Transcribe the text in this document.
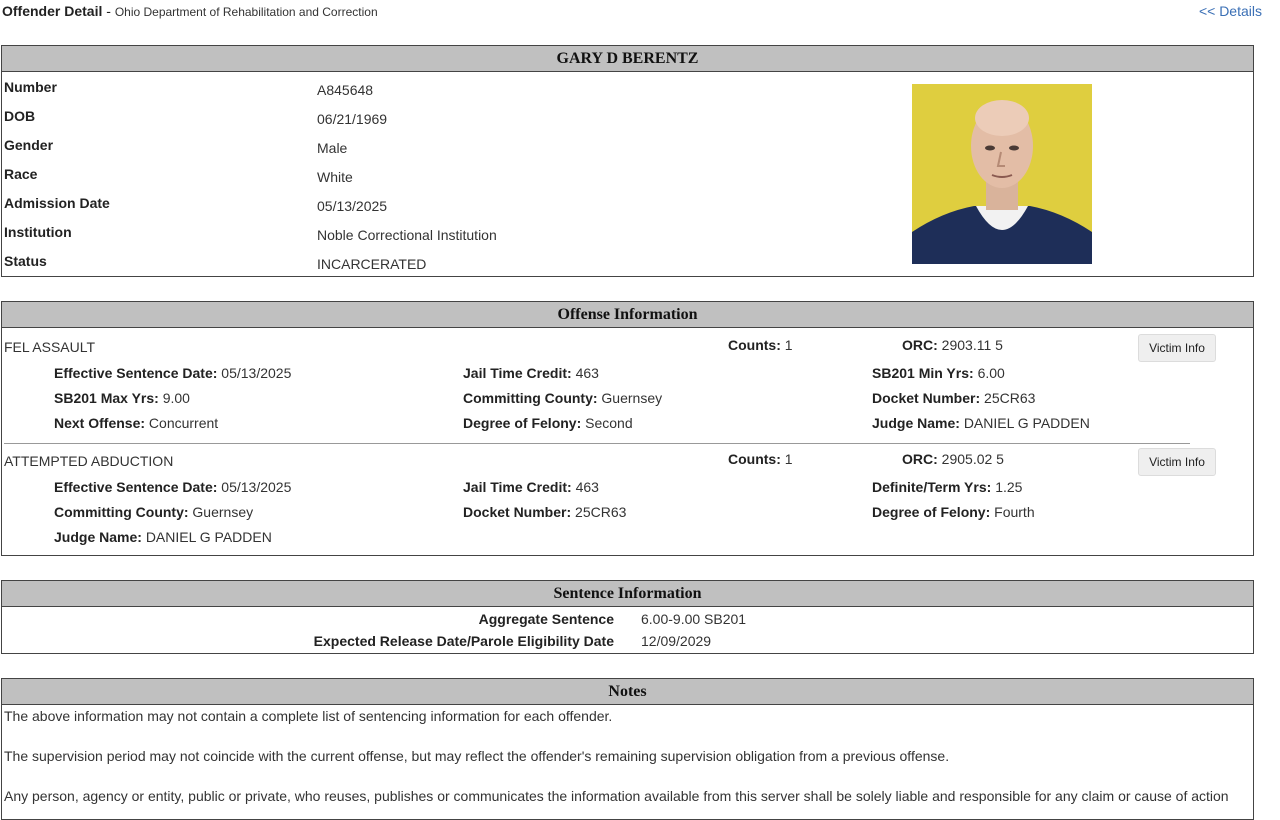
Offender Detail - Ohio Department of Rehabilitation and Correction	<< Details
GARY D BERENTZ
Number	A845648
DOB	06/21/1969
Gender	Male
Race	White
Admission Date	05/13/2025
Institution	Noble Correctional Institution
Status	INCARCERATED
Offense Information
FEL ASSAULT	Counts: 1	ORC: 2903.11 5	Victim Info
Effective Sentence Date: 05/13/2025	Jail Time Credit: 463	SB201 Min Yrs: 6.00
SB201 Max Yrs: 9.00	Committing County: Guernsey	Docket Number: 25CR63
Next Offense: Concurrent	Degree of Felony: Second	Judge Name: DANIEL G PADDEN
ATTEMPTED ABDUCTION	Counts: 1	ORC: 2905.02 5	Victim Info
Effective Sentence Date: 05/13/2025	Jail Time Credit: 463	Definite/Term Yrs: 1.25
Committing County: Guernsey	Docket Number: 25CR63	Degree of Felony: Fourth
Judge Name: DANIEL G PADDEN
Sentence Information
Aggregate Sentence 6.00-9.00 SB201
Expected Release Date/Parole Eligibility Date 12/09/2029
Notes
The above information may not contain a complete list of sentencing information for each offender.
The supervision period may not coincide with the current offense, but may reflect the offender's remaining supervision obligation from a previous offense.
Any person, agency or entity, public or private, who reuses, publishes or communicates the information available from this server shall be solely liable and responsible for any claim or cause of action
